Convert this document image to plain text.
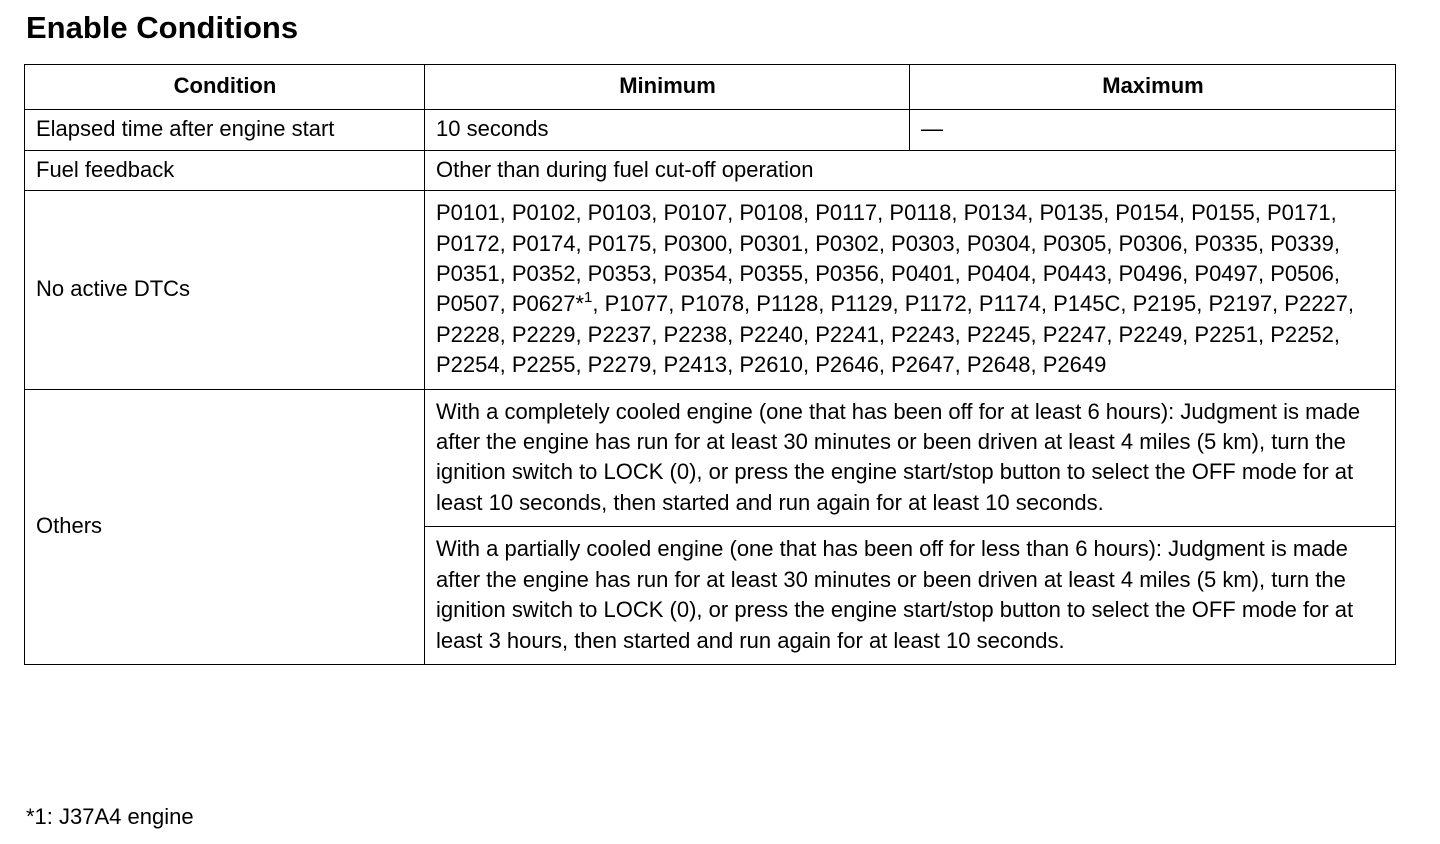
Enable Conditions
Condition	Minimum	Maximum
Elapsed time after engine start	10 seconds	—
Fuel feedback	Other than during fuel cut-off operation	
No active DTCs	P0101, P0102, P0103, P0107, P0108, P0117, P0118, P0134, P0135, P0154, P0155, P0171, P0172, P0174, P0175, P0300, P0301, P0302, P0303, P0304, P0305, P0306, P0335, P0339, P0351, P0352, P0353, P0354, P0355, P0356, P0401, P0404, P0443, P0496, P0497, P0506, P0507, P0627*$^1$, P1077, P1078, P1128, P1129, P1172, P1174, P145C, P2195, P2197, P2227, P2228, P2229, P2237, P2238, P2240, P2241, P2243, P2245, P2247, P2249, P2251, P2252, P2254, P2255, P2279, P2413, P2610, P2646, P2647, P2648, P2649	
Others	With a completely cooled engine (one that has been off for at least 6 hours): Judgment is made after the engine has run for at least 30 minutes or been driven at least 4 miles (5 km), turn the ignition switch to LOCK (0), or press the engine start/stop button to select the OFF mode for at least 10 seconds, then started and run again for at least 10 seconds.	
	With a partially cooled engine (one that has been off for less than 6 hours): Judgment is made after the engine has run for at least 30 minutes or been driven at least 4 miles (5 km), turn the ignition switch to LOCK (0), or press the engine start/stop button to select the OFF mode for at least 3 hours, then started and run again for at least 10 seconds.	

*1: J37A4 engine
